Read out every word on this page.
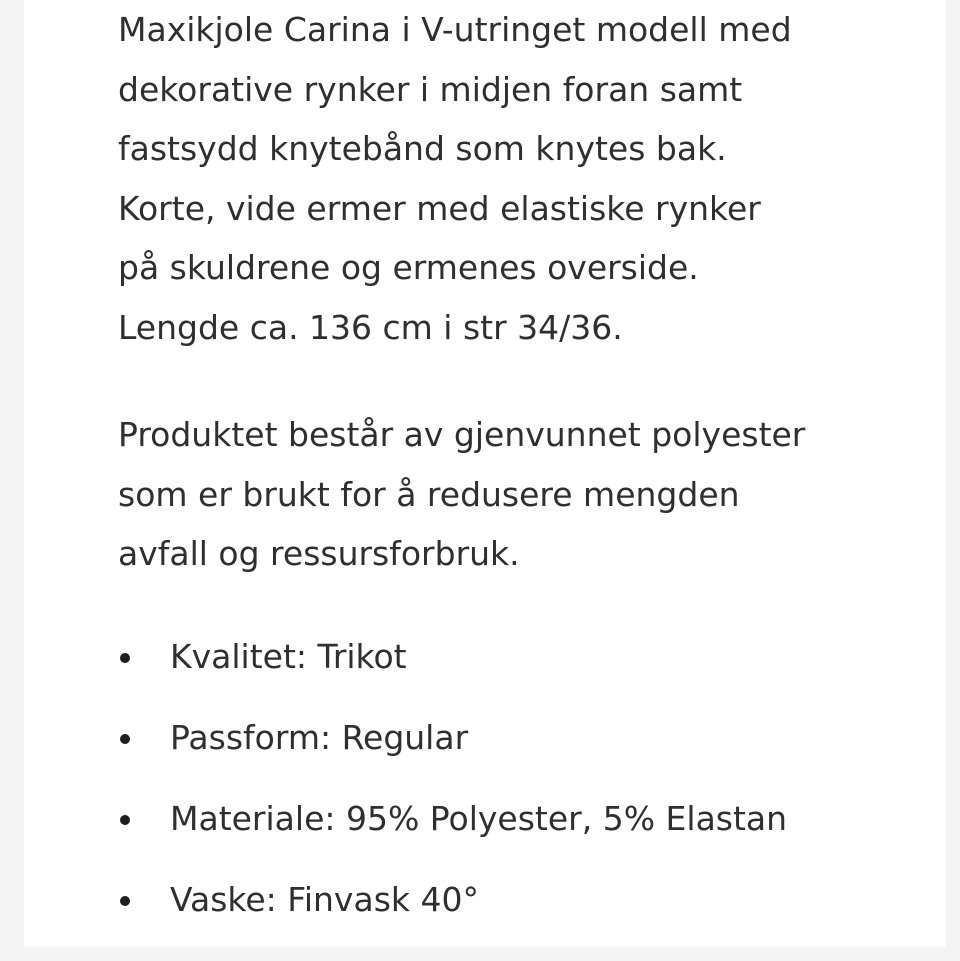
Maxikjole Carina i V-utringet modell med
dekorative rynker i midjen foran samt
fastsydd knytebånd som knytes bak.
Korte, vide ermer med elastiske rynker
på skuldrene og ermenes overside.
Lengde ca. 136 cm i str 34/36.

Produktet består av gjenvunnet polyester
som er brukt for å redusere mengden
avfall og ressursforbruk.

Kvalitet: Trikot
Passform: Regular
Materiale: 95% Polyester, 5% Elastan
Vaske: Finvask 40°
